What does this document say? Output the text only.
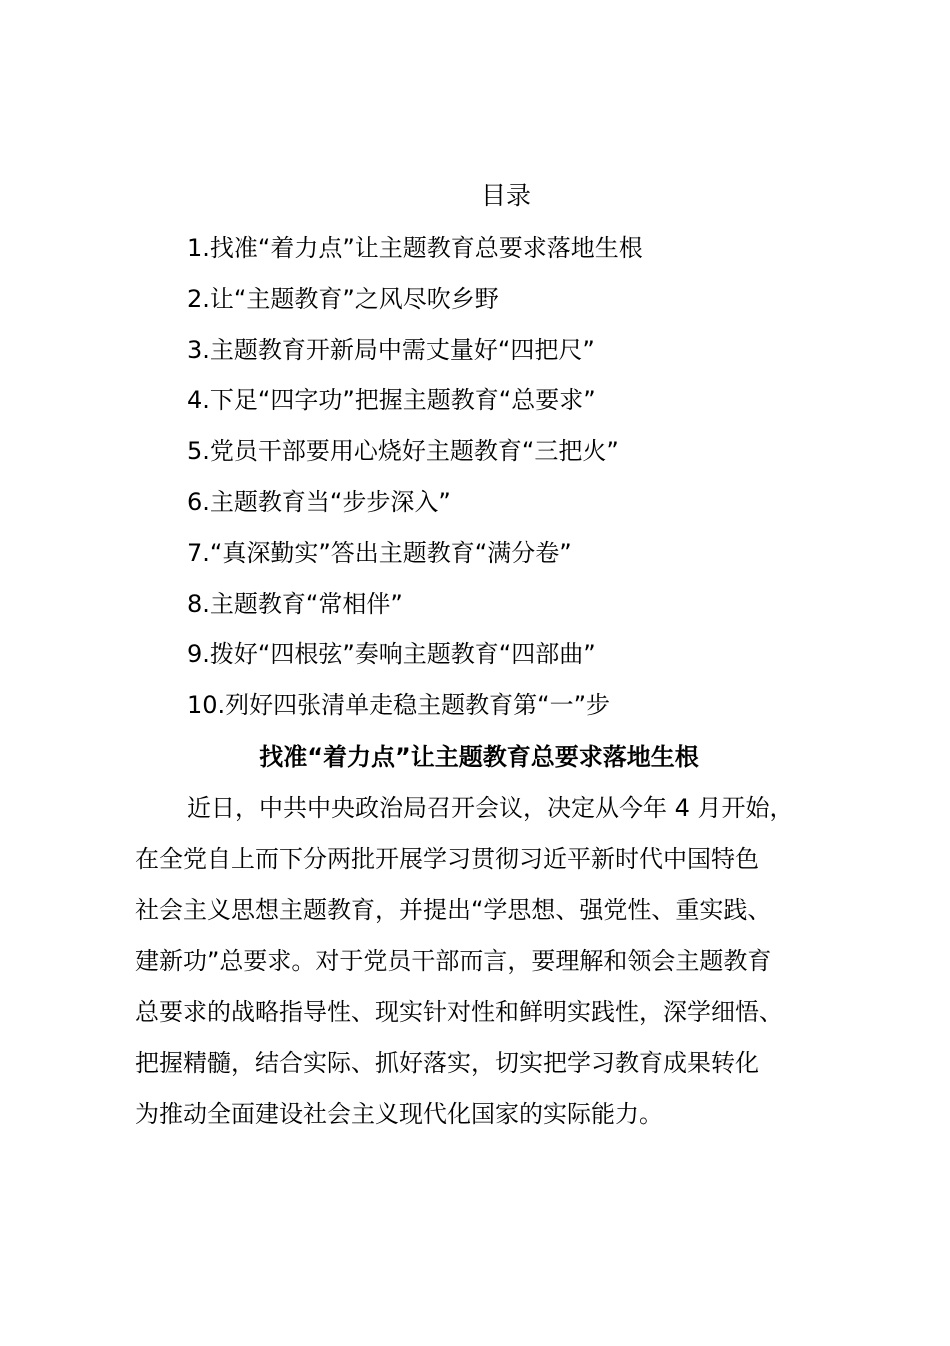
目录
1.找准“着力点”让主题教育总要求落地生根
2.让“主题教育”之风尽吹乡野
3.主题教育开新局中需丈量好“四把尺”
4.下足“四字功”把握主题教育“总要求”
5.党员干部要用心烧好主题教育“三把火”
6.主题教育当“步步深入”
7.“真深勤实”答出主题教育“满分卷”
8.主题教育“常相伴”
9.拨好“四根弦”奏响主题教育“四部曲”
10.列好四张清单走稳主题教育第“一”步
找准“着力点”让主题教育总要求落地生根
近日，中共中央政治局召开会议，决定从今年 4 月开始，
在全党自上而下分两批开展学习贯彻习近平新时代中国特色
社会主义思想主题教育，并提出“学思想、强党性、重实践、
建新功”总要求。对于党员干部而言，要理解和领会主题教育
总要求的战略指导性、现实针对性和鲜明实践性，深学细悟、
把握精髓，结合实际、抓好落实，切实把学习教育成果转化
为推动全面建设社会主义现代化国家的实际能力。
